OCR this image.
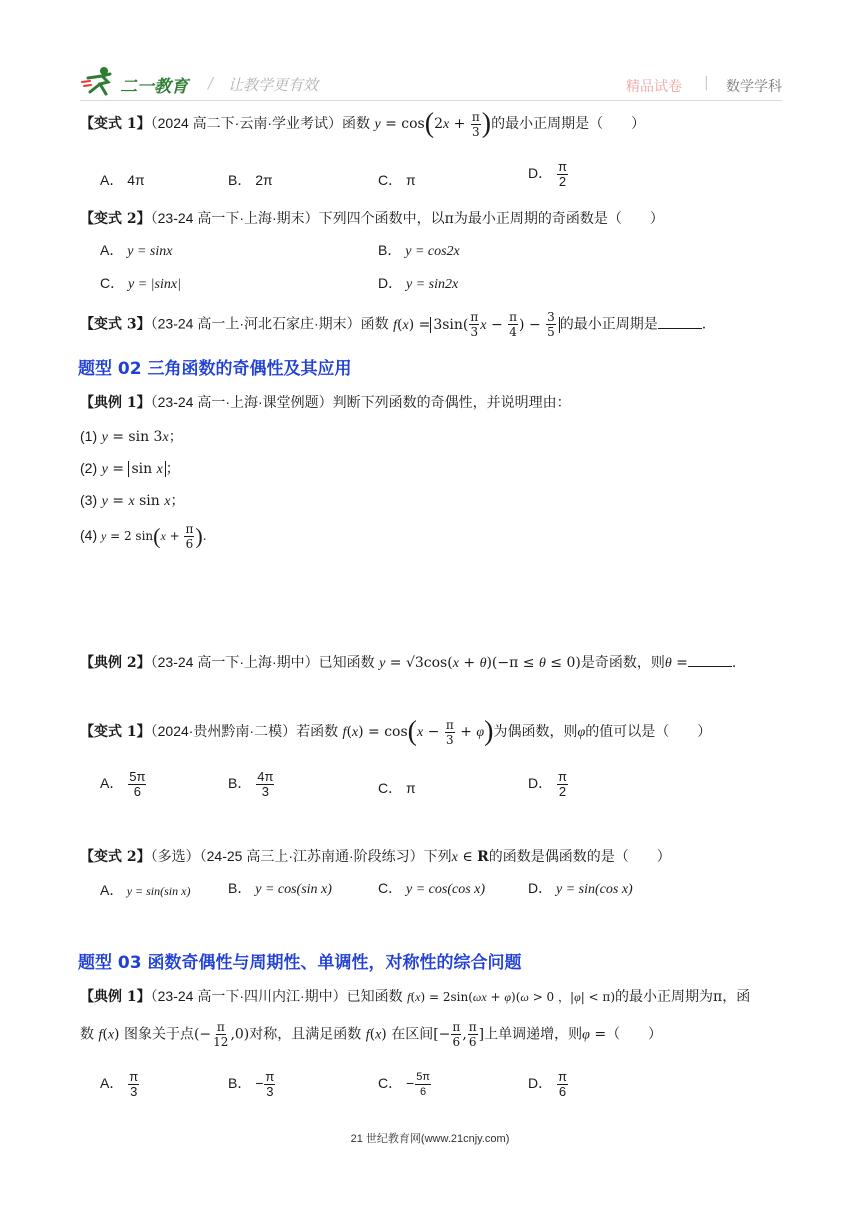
二一教育 / 让教学更有效	精品试卷 | 数学学科
【变式 1】（2024 高二下·云南·学业考试）函数 $y = \cos(2x + \frac{\pi}{3}$ )的最小正周期是（　　）
A． 4π	B． 2π	C． π	D． $\frac{\pi}{2}$
【变式 2】（23-24 高一下·上海·期末）下列四个函数中，以π为最小正周期的奇函数是（　　）
A． y = sinx	B． y = cos2x
C． y = |sinx|	D． y = sin2x
【变式 3】（23-24 高一上·河北石家庄·期末）函数 $f(x) = 3\sin( \frac{\pi}{3}$ $x - \frac{\pi}{4}$ ) − $\frac{3}{5}$ 的最小正周期是	.
题型 02 三角函数的奇偶性及其应用
【典例 1】（23-24 高一·上海·课堂例题）判断下列函数的奇偶性，并说明理由：
(1) y = sin 3x；
(2) y = sin x ；
(3) y = x sin x；
(4) y = 2 $\sin(x + \frac{\pi}{6}$ ).
【典例 2】（23-24 高一下·上海·期中）已知函数 y = √3cos(x + θ)(−π ≤ θ ≤ 0)是奇函数，则θ =	.
【变式 1】（2024·贵州黔南·二模）若函数 $f(x) = \cos(x - \frac{\pi}{3} + \varphi)$为偶函数，则φ的值可以是（　　）
A． $\frac{5\pi}{6}$	B． $\frac{4\pi}{3}$	C． π	D． $\frac{\pi}{2}$
【变式 2】（多选）（24-25 高三上·江苏南通·阶段练习）下列x ∈ R的函数是偶函数的是（　　）
A． y = sin(sin x)	B． y = cos(sin x)	C． y = cos(cos x)	D． y = sin(cos x)
题型 03 函数奇偶性与周期性、单调性，对称性的综合问题
【典例 1】（23-24 高一下·四川内江·期中）已知函数 f(x) = 2sin(ωx + φ)(ω > 0 ，|φ| < π)的最小正周期为π，函
数 f(x) 图象关于点(− $\frac{\pi}{12} ,0$)对称，且满足函数 f(x) 在区间[− $\frac{\pi}{6}$ , $\frac{\pi}{6}$ ]上单调递增，则φ =（　　）
A． $\frac{\pi}{3}$	B． − $\frac{\pi}{3}$	C． − $\frac{5\pi}{6}$	D． $\frac{\pi}{6}$
21 世纪教育网(www.21cnjy.com)
